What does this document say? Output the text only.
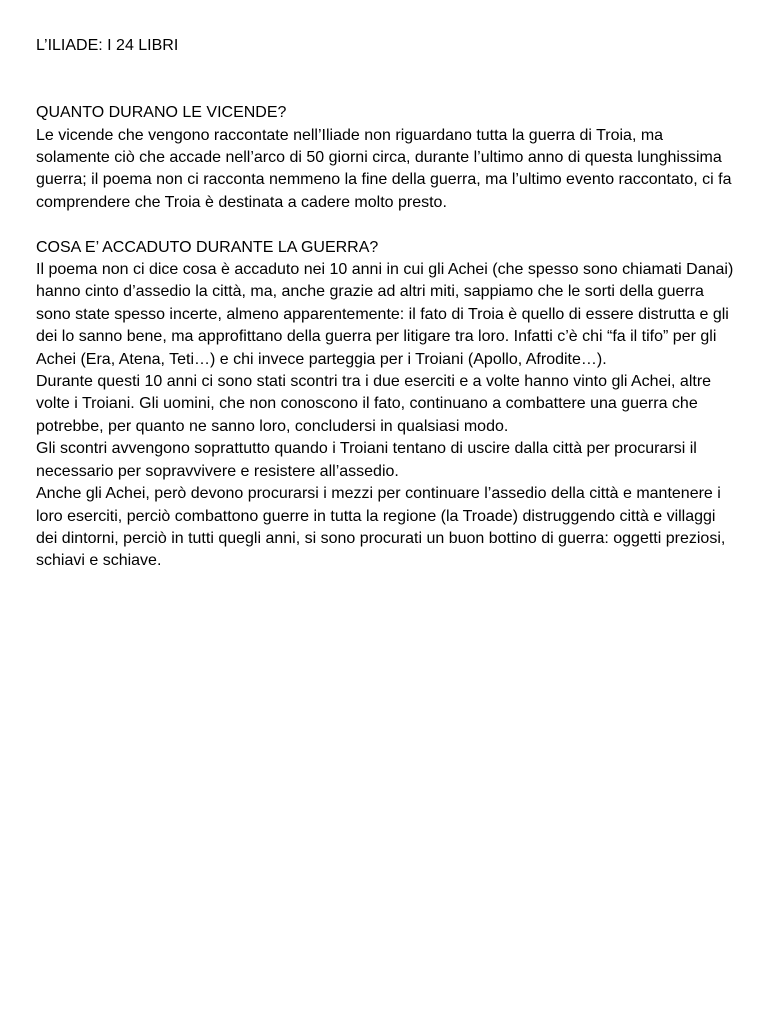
L’ILIADE: I 24 LIBRI
QUANTO DURANO LE VICENDE?

Le vicende che vengono raccontate nell’Iliade non riguardano tutta la guerra di Troia, ma solamente ciò che accade nell’arco di 50 giorni circa, durante l’ultimo anno di questa lunghissima guerra; il poema non ci racconta nemmeno la fine della guerra, ma l’ultimo evento raccontato, ci fa comprendere che Troia è destinata a cadere molto presto.

COSA E’ ACCADUTO DURANTE LA GUERRA?

Il poema non ci dice cosa è accaduto nei 10 anni in cui gli Achei (che spesso sono chiamati Danai) hanno cinto d’assedio la città, ma, anche grazie ad altri miti, sappiamo che le sorti della guerra sono state spesso incerte, almeno apparentemente: il fato di Troia è quello di essere distrutta e gli dei lo sanno bene, ma approfittano della guerra per litigare tra loro. Infatti c’è chi “fa il tifo” per gli Achei (Era, Atena, Teti…) e chi invece parteggia per i Troiani (Apollo, Afrodite…).

Durante questi 10 anni ci sono stati scontri tra i due eserciti e a volte hanno vinto gli Achei, altre volte i Troiani. Gli uomini, che non conoscono il fato, continuano a combattere una guerra che potrebbe, per quanto ne sanno loro, concludersi in qualsiasi modo.

Gli scontri avvengono soprattutto quando i Troiani tentano di uscire dalla città per procurarsi il necessario per sopravvivere e resistere all’assedio.

Anche gli Achei, però devono procurarsi i mezzi per continuare l’assedio della città e mantenere i loro eserciti, perciò combattono guerre in tutta la regione (la Troade) distruggendo città e villaggi dei dintorni, perciò in tutti quegli anni, si sono procurati un buon bottino di guerra: oggetti preziosi, schiavi e schiave.
